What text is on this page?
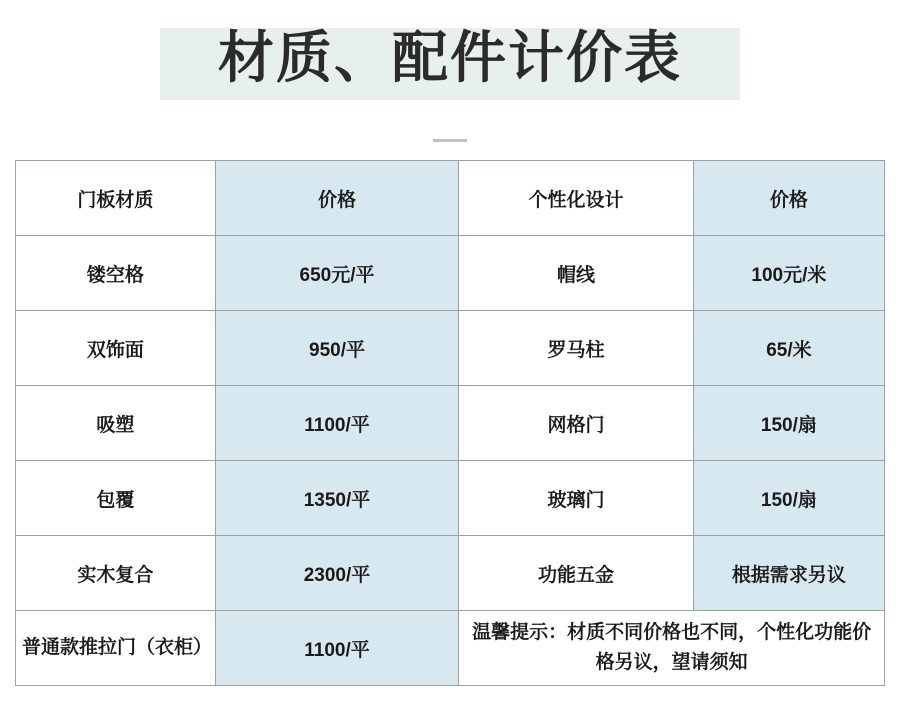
材质、配件计价表
门板材质	价格	个性化设计	价格
镂空格	650元/平	帽线	100元/米
双饰面	950/平	罗马柱	65/米
吸塑	1100/平	网格门	150/扇
包覆	1350/平	玻璃门	150/扇
实木复合	2300/平	功能五金	根据需求另议
普通款推拉门（衣柜）	1100/平	温馨提示：材质不同价格也不同，个性化功能价格另议，望请须知	
